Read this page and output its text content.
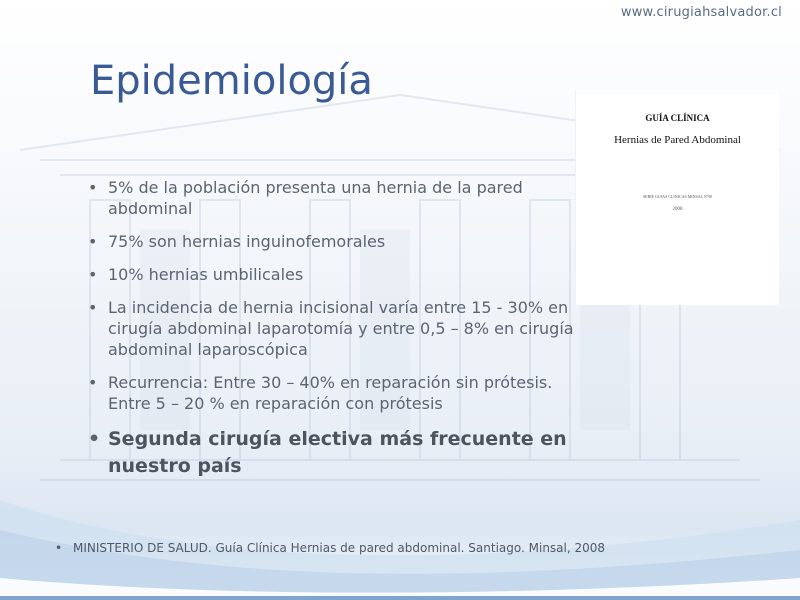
www.cirugiahsalvador.cl
Epidemiología
GUÍA CLÍNICA
Hernias de Pared Abdominal
SERIE GUIAS CLINICAS MINSAL Nº90
2008
• 5% de la población presenta una hernia de la pared abdominal
• 75% son hernias inguinofemorales
• 10% hernias umbilicales
• La incidencia de hernia incisional varía entre 15 - 30% en cirugía abdominal laparotomía y entre 0,5 – 8% en cirugía abdominal laparoscópica
• Recurrencia: Entre 30 – 40% en reparación sin prótesis. Entre 5 – 20 % en reparación con prótesis
• Segunda cirugía electiva más frecuente en nuestro país
• MINISTERIO DE SALUD. Guía Clínica Hernias de pared abdominal. Santiago. Minsal, 2008
